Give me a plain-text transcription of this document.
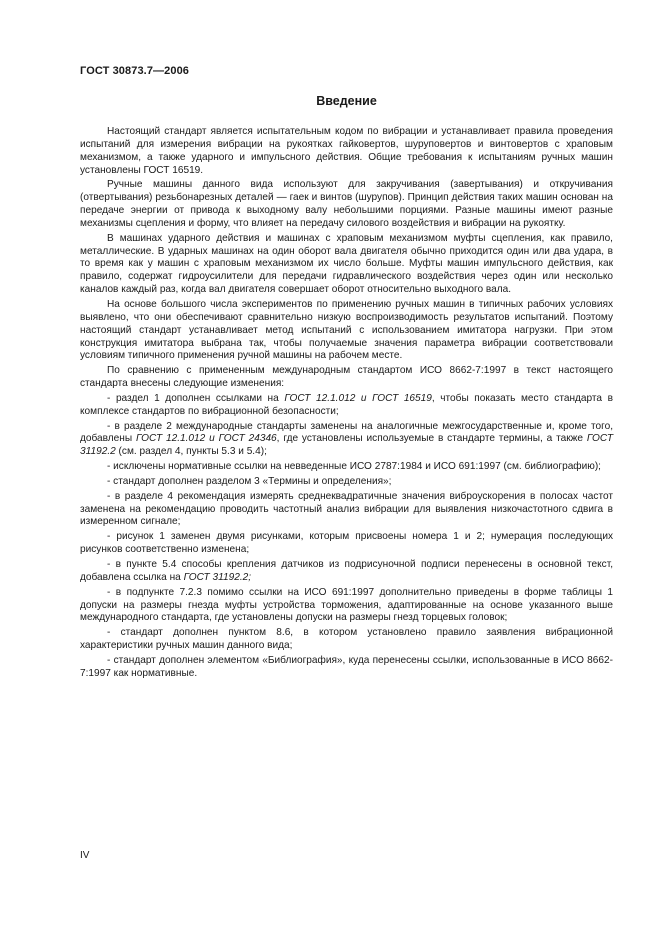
ГОСТ 30873.7—2006
Введение

Настоящий стандарт является испытательным кодом по вибрации и устанавливает правила проведения испытаний для измерения вибрации на рукоятках гайковертов, шуруповертов и винтовертов с храповым механизмом, а также ударного и импульсного действия. Общие требования к испытаниям ручных машин установлены ГОСТ 16519.

Ручные машины данного вида используют для закручивания (завертывания) и откручивания (отвертывания) резьбонарезных деталей — гаек и винтов (шурупов). Принцип действия таких машин основан на передаче энергии от привода к выходному валу небольшими порциями. Разные машины имеют разные механизмы сцепления и форму, что влияет на передачу силового воздействия и вибрации на рукоятку.

В машинах ударного действия и машинах с храповым механизмом муфты сцепления, как правило, металлические. В ударных машинах на один оборот вала двигателя обычно приходится один или два удара, в то время как у машин с храповым механизмом их число больше. Муфты машин импульсного действия, как правило, содержат гидроусилители для передачи гидравлического воздействия через один или несколько каналов каждый раз, когда вал двигателя совершает оборот относительно выходного вала.

На основе большого числа экспериментов по применению ручных машин в типичных рабочих условиях выявлено, что они обеспечивают сравнительно низкую воспроизводимость результатов испытаний. Поэтому настоящий стандарт устанавливает метод испытаний с использованием имитатора нагрузки. При этом конструкция имитатора выбрана так, чтобы получаемые значения параметра вибрации соответствовали условиям типичного применения ручной машины на рабочем месте.

По сравнению с примененным международным стандартом ИСО 8662-7:1997 в текст настоящего стандарта внесены следующие изменения:

- раздел 1 дополнен ссылками на ГОСТ 12.1.012 и ГОСТ 16519, чтобы показать место стандарта в комплексе стандартов по вибрационной безопасности;

- в разделе 2 международные стандарты заменены на аналогичные межгосударственные и, кроме того, добавлены ГОСТ 12.1.012 и ГОСТ 24346, где установлены используемые в стандарте термины, а также ГОСТ 31192.2 (см. раздел 4, пункты 5.3 и 5.4);

- исключены нормативные ссылки на невведенные ИСО 2787:1984 и ИСО 691:1997 (см. библиографию);

- стандарт дополнен разделом 3 «Термины и определения»;

- в разделе 4 рекомендация измерять среднеквадратичные значения виброускорения в полосах частот заменена на рекомендацию проводить частотный анализ вибрации для выявления низкочастотного сдвига в измеренном сигнале;

- рисунок 1 заменен двумя рисунками, которым присвоены номера 1 и 2; нумерация последующих рисунков соответственно изменена;

- в пункте 5.4 способы крепления датчиков из подрисуночной подписи перенесены в основной текст, добавлена ссылка на ГОСТ 31192.2;

- в подпункте 7.2.3 помимо ссылки на ИСО 691:1997 дополнительно приведены в форме таблицы 1 допуски на размеры гнезда муфты устройства торможения, адаптированные на основе указанного выше международного стандарта, где установлены допуски на размеры гнезд торцевых головок;

- стандарт дополнен пунктом 8.6, в котором установлено правило заявления вибрационной характеристики ручных машин данного вида;

- стандарт дополнен элементом «Библиография», куда перенесены ссылки, использованные в ИСО 8662-7:1997 как нормативные.

IV
